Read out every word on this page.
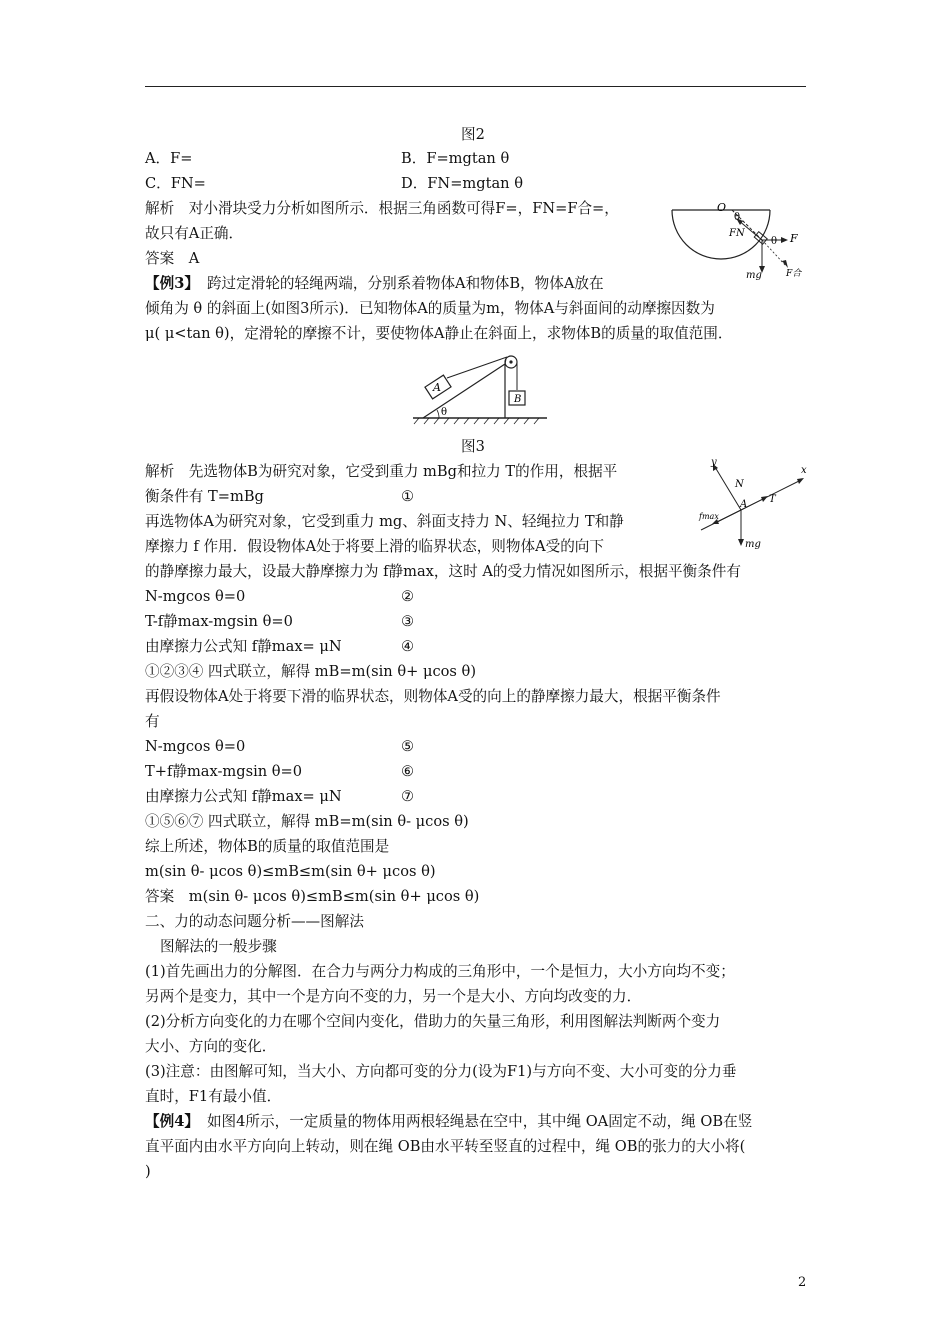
图2
A．F=	B．F=mgtan θ
C．FN=	D．FN=mgtan θ
解析　对小滑块受力分析如图所示．根据三角函数可得F=，FN=F合=，
故只有A正确．
答案　A
O
θ
θ
FN	F
mg	F合
【例3】 跨过定滑轮的轻绳两端，分别系着物体A和物体B，物体A放在
倾角为 θ 的斜面上(如图3所示)．已知物体A的质量为m，物体A与斜面间的动摩擦因数为
μ( μ<tan θ)，定滑轮的摩擦不计，要使物体A静止在斜面上，求物体B的质量的取值范围．
A
B
θ
图3
解析　先选物体B为研究对象，它受到重力 mBg和拉力 T的作用，根据平
衡条件有 T=mBg	①
再选物体A为研究对象，它受到重力 mg、斜面支持力 N、轻绳拉力 T和静
摩擦力 f 作用．假设物体A处于将要上滑的临界状态，则物体A受的向下
的静摩擦力最大，设最大静摩擦力为 f静max，这时 A的受力情况如图所示，根据平衡条件有
y
x
N
T
A
fmax
mg
N-mgcos θ=0	②
T-f静max-mgsin θ=0	③
由摩擦力公式知 f静max= μN	④
①②③④ 四式联立，解得 mB=m(sin θ+ μcos θ)
再假设物体A处于将要下滑的临界状态，则物体A受的向上的静摩擦力最大，根据平衡条件
有
N-mgcos θ=0	⑤
T+f静max-mgsin θ=0	⑥
由摩擦力公式知 f静max= μN	⑦
①⑤⑥⑦ 四式联立，解得 mB=m(sin θ- μcos θ)
综上所述，物体B的质量的取值范围是
m(sin θ- μcos θ)≤mB≤m(sin θ+ μcos θ)
答案　m(sin θ- μcos θ)≤mB≤m(sin θ+ μcos θ)
二、力的动态问题分析——图解法
图解法的一般步骤
(1)首先画出力的分解图．在合力与两分力构成的三角形中，一个是恒力，大小方向均不变；
另两个是变力，其中一个是方向不变的力，另一个是大小、方向均改变的力．
(2)分析方向变化的力在哪个空间内变化，借助力的矢量三角形，利用图解法判断两个变力
大小、方向的变化．
(3)注意：由图解可知，当大小、方向都可变的分力(设为F1)与方向不变、大小可变的分力垂
直时，F1有最小值．
【例4】 如图4所示，一定质量的物体用两根轻绳悬在空中，其中绳 OA固定不动，绳 OB在竖
直平面内由水平方向向上转动，则在绳 OB由水平转至竖直的过程中，绳 OB的张力的大小将(
)
2
